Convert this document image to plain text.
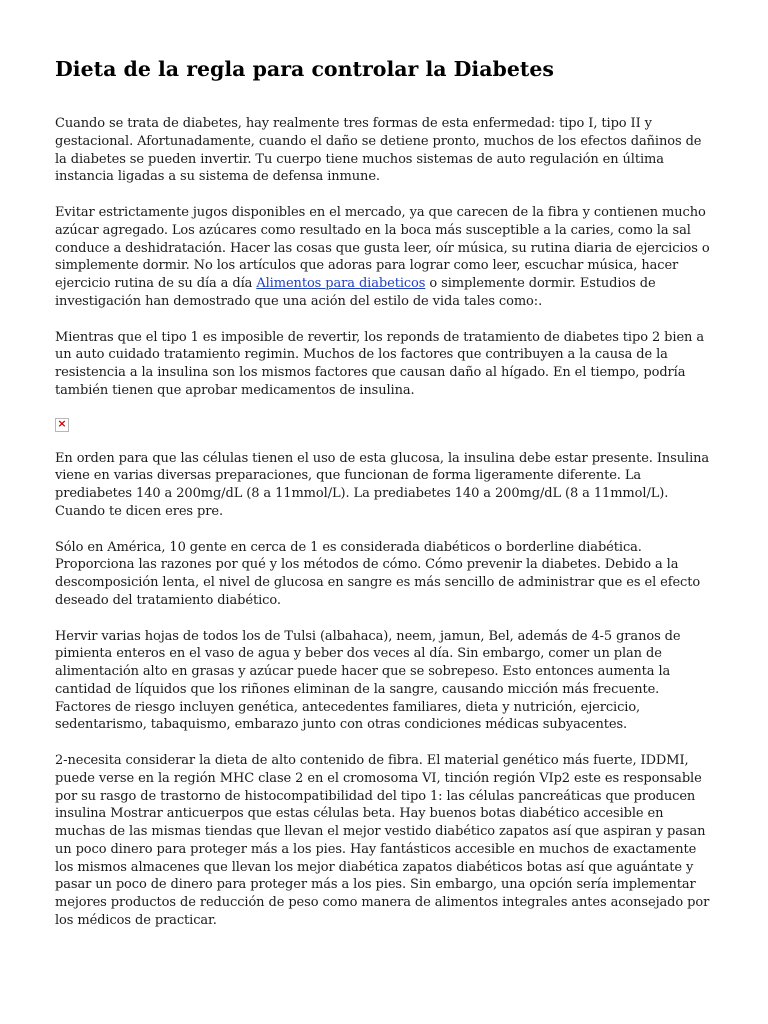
Dieta de la regla para controlar la Diabetes

Cuando se trata de diabetes, hay realmente tres formas de esta enfermedad: tipo I, tipo II y gestacional. Afortunadamente, cuando el daño se detiene pronto, muchos de los efectos dañinos de la diabetes se pueden invertir. Tu cuerpo tiene muchos sistemas de auto regulación en última instancia ligadas a su sistema de defensa inmune.

Evitar estrictamente jugos disponibles en el mercado, ya que carecen de la fibra y contienen mucho azúcar agregado. Los azúcares como resultado en la boca más susceptible a la caries, como la sal conduce a deshidratación. Hacer las cosas que gusta leer, oír música, su rutina diaria de ejercicios o simplemente dormir. No los artículos que adoras para lograr como leer, escuchar música, hacer ejercicio rutina de su día a día Alimentos para diabeticos o simplemente dormir. Estudios de investigación han demostrado que una ación del estilo de vida tales como:.

Mientras que el tipo 1 es imposible de revertir, los reponds de tratamiento de diabetes tipo 2 bien a un auto cuidado tratamiento regimin. Muchos de los factores que contribuyen a la causa de la resistencia a la insulina son los mismos factores que causan daño al hígado. En el tiempo, podría también tienen que aprobar medicamentos de insulina.

×

En orden para que las células tienen el uso de esta glucosa, la insulina debe estar presente. Insulina viene en varias diversas preparaciones, que funcionan de forma ligeramente diferente. La prediabetes 140 a 200mg/dL (8 a 11mmol/L). La prediabetes 140 a 200mg/dL (8 a 11mmol/L). Cuando te dicen eres pre.

Sólo en América, 10 gente en cerca de 1 es considerada diabéticos o borderline diabética. Proporciona las razones por qué y los métodos de cómo. Cómo prevenir la diabetes. Debido a la descomposición lenta, el nivel de glucosa en sangre es más sencillo de administrar que es el efecto deseado del tratamiento diabético.

Hervir varias hojas de todos los de Tulsi (albahaca), neem, jamun, Bel, además de 4-5 granos de pimienta enteros en el vaso de agua y beber dos veces al día. Sin embargo, comer un plan de alimentación alto en grasas y azúcar puede hacer que se sobrepeso. Esto entonces aumenta la cantidad de líquidos que los riñones eliminan de la sangre, causando micción más frecuente. Factores de riesgo incluyen genética, antecedentes familiares, dieta y nutrición, ejercicio, sedentarismo, tabaquismo, embarazo junto con otras condiciones médicas subyacentes.

2-necesita considerar la dieta de alto contenido de fibra. El material genético más fuerte, IDDMI, puede verse en la región MHC clase 2 en el cromosoma VI, tinción región VIp2 este es responsable por su rasgo de trastorno de histocompatibilidad del tipo 1: las células pancreáticas que producen insulina Mostrar anticuerpos que estas células beta. Hay buenos botas diabético accesible en muchas de las mismas tiendas que llevan el mejor vestido diabético zapatos así que aspiran y pasan un poco dinero para proteger más a los pies. Hay fantásticos accesible en muchos de exactamente los mismos almacenes que llevan los mejor diabética zapatos diabéticos botas así que aguántate y pasar un poco de dinero para proteger más a los pies. Sin embargo, una opción sería implementar mejores productos de reducción de peso como manera de alimentos integrales antes aconsejado por los médicos de practicar.
